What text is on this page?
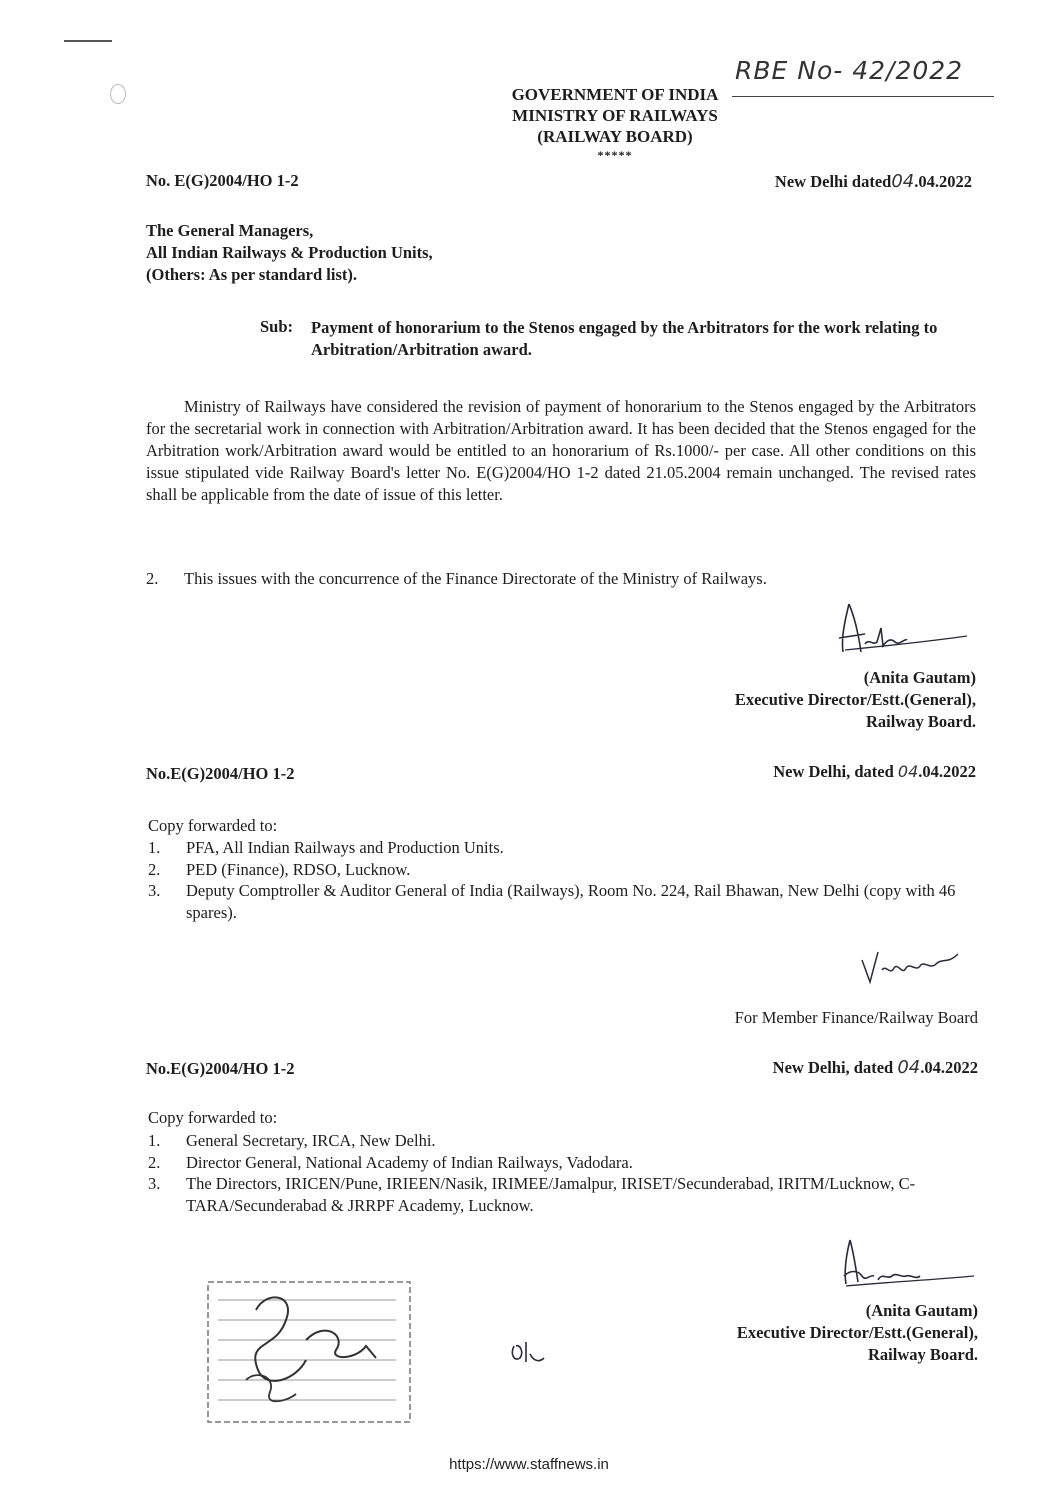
GOVERNMENT OF INDIA
MINISTRY OF RAILWAYS
(RAILWAY BOARD)
*****
RBE No- 42/2022
No. E(G)2004/HO 1-2	New Delhi dated04.04.2022
The General Managers,
All Indian Railways & Production Units,
(Others: As per standard list).
Sub: Payment of honorarium to the Stenos engaged by the Arbitrators for the work relating to Arbitration/Arbitration award.
Ministry of Railways have considered the revision of payment of honorarium to the Stenos engaged by the Arbitrators for the secretarial work in connection with Arbitration/Arbitration award. It has been decided that the Stenos engaged for the Arbitration work/Arbitration award would be entitled to an honorarium of Rs.1000/- per case. All other conditions on this issue stipulated vide Railway Board's letter No. E(G)2004/HO 1-2 dated 21.05.2004 remain unchanged. The revised rates shall be applicable from the date of issue of this letter.
2. This issues with the concurrence of the Finance Directorate of the Ministry of Railways.
(Anita Gautam)
Executive Director/Estt.(General),
Railway Board.
No.E(G)2004/HO 1-2	New Delhi, dated 04.04.2022
Copy forwarded to:
1. PFA, All Indian Railways and Production Units.
2. PED (Finance), RDSO, Lucknow.
3. Deputy Comptroller & Auditor General of India (Railways), Room No. 224, Rail Bhawan, New Delhi (copy with 46 spares).
For Member Finance/Railway Board
No.E(G)2004/HO 1-2	New Delhi, dated 04.04.2022
Copy forwarded to:
1. General Secretary, IRCA, New Delhi.
2. Director General, National Academy of Indian Railways, Vadodara.
3. The Directors, IRICEN/Pune, IRIEEN/Nasik, IRIMEE/Jamalpur, IRISET/Secunderabad, IRITM/Lucknow, C-TARA/Secunderabad & JRRPF Academy, Lucknow.
(Anita Gautam)
Executive Director/Estt.(General),
Railway Board.
https://www.staffnews.in
